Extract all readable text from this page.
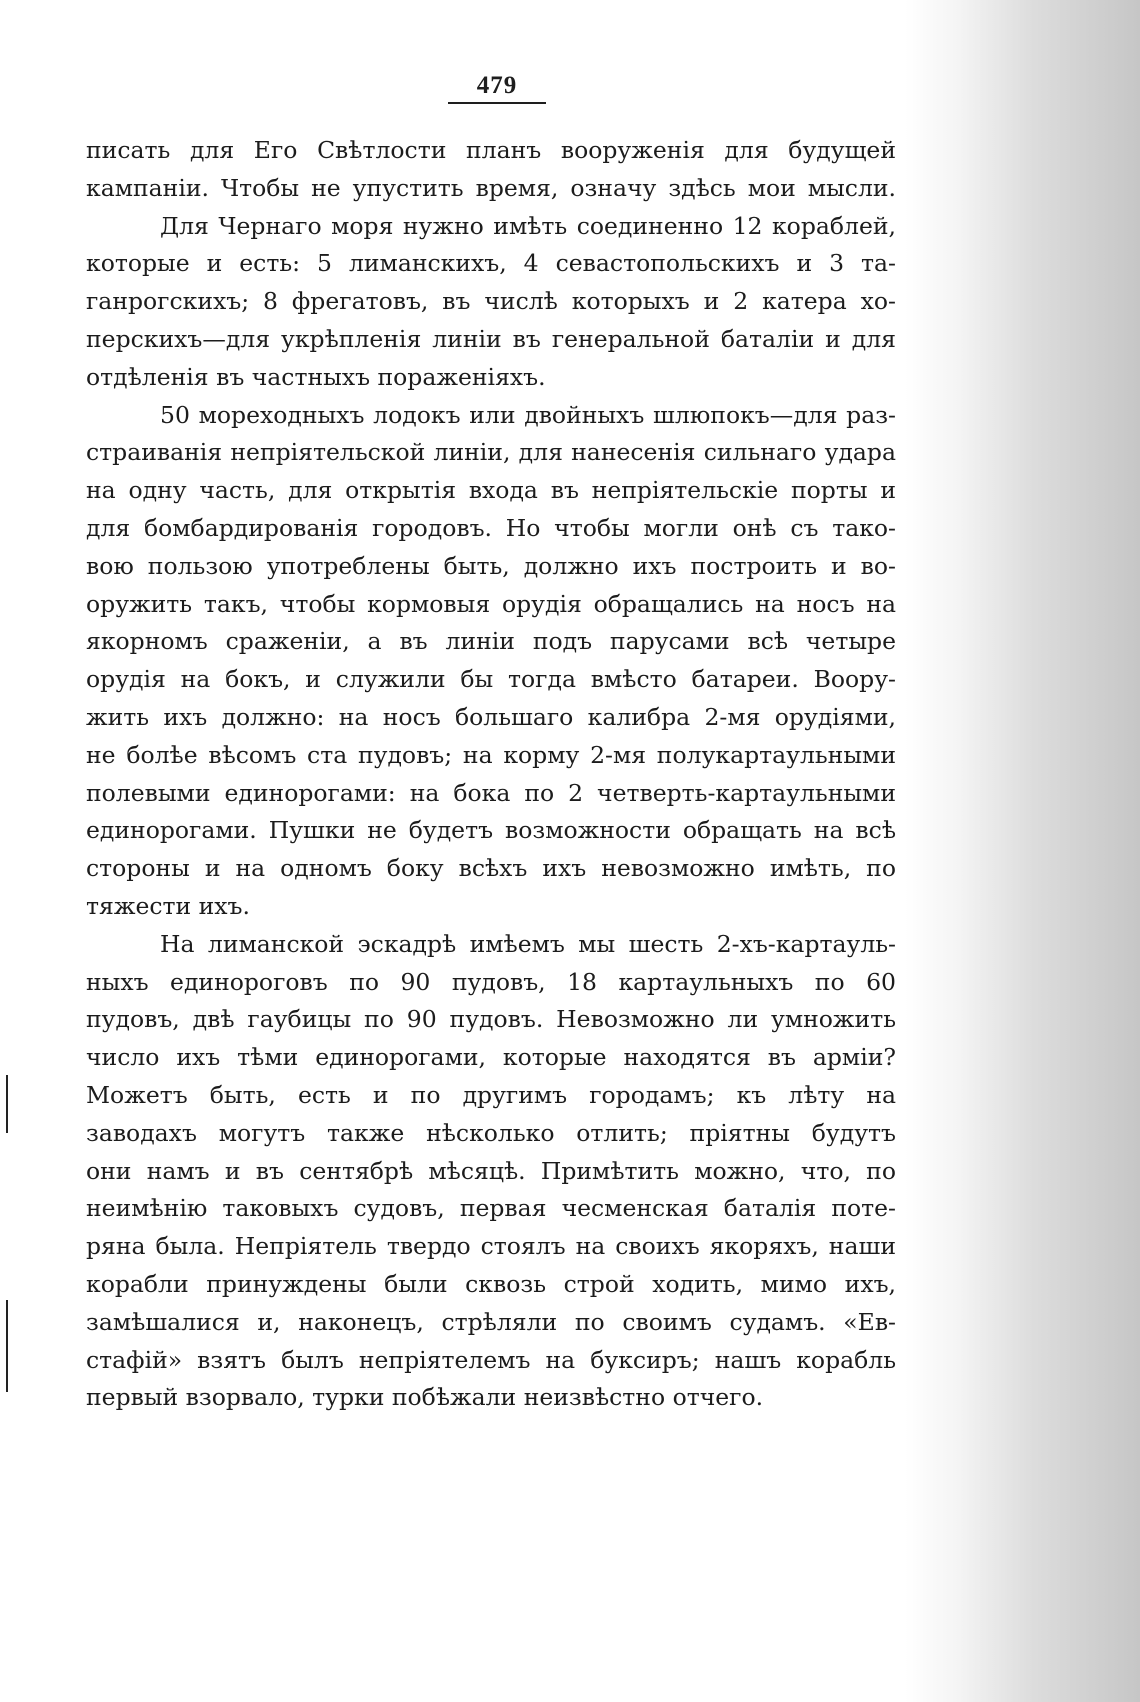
479
писать для Его Свѣтлости планъ вооруженія для будущей
кампаніи. Чтобы не упустить время, означу здѣсь мои мысли.
Для Чернаго моря нужно имѣть соединенно 12 кораблей,
которые и есть: 5 лиманскихъ, 4 севастопольскихъ и 3 та-
ганрогскихъ; 8 фрегатовъ, въ числѣ которыхъ и 2 катера хо-
перскихъ—для укрѣпленія линіи въ генеральной баталіи и для
отдѣленія въ частныхъ пораженіяхъ.
50 мореходныхъ лодокъ или двойныхъ шлюпокъ—для раз-
страиванія непріятельской линіи, для нанесенія сильнаго удара
на одну часть, для открытія входа въ непріятельскіе порты и
для бомбардированія городовъ. Но чтобы могли онѣ съ тако-
вою пользою употреблены быть, должно ихъ построить и во-
оружить такъ, чтобы кормовыя орудія обращались на носъ на
якорномъ сраженіи, а въ линіи подъ парусами всѣ четыре
орудія на бокъ, и служили бы тогда вмѣсто батареи. Воору-
жить ихъ должно: на носъ большаго калибра 2-мя орудіями,
не болѣе вѣсомъ ста пудовъ; на корму 2-мя полукартаульными
полевыми единорогами: на бока по 2 четверть-картаульными
единорогами. Пушки не будетъ возможности обращать на всѣ
стороны и на одномъ боку всѣхъ ихъ невозможно имѣть, по
тяжести ихъ.
На лиманской эскадрѣ имѣемъ мы шесть 2-хъ-картауль-
ныхъ единороговъ по 90 пудовъ, 18 картаульныхъ по 60
пудовъ, двѣ гаубицы по 90 пудовъ. Невозможно ли умножить
число ихъ тѣми единорогами, которые находятся въ арміи?
Можетъ быть, есть и по другимъ городамъ; къ лѣту на
заводахъ могутъ также нѣсколько отлить; пріятны будутъ
они намъ и въ сентябрѣ мѣсяцѣ. Примѣтить можно, что, по
неимѣнію таковыхъ судовъ, первая чесменская баталія поте-
ряна была. Непріятель твердо стоялъ на своихъ якоряхъ, наши
корабли принуждены были сквозь строй ходить, мимо ихъ,
замѣшалися и, наконецъ, стрѣляли по своимъ судамъ. «Ев-
стафій» взятъ былъ непріятелемъ на буксиръ; нашъ корабль
первый взорвало, турки побѣжали неизвѣстно отчего.
